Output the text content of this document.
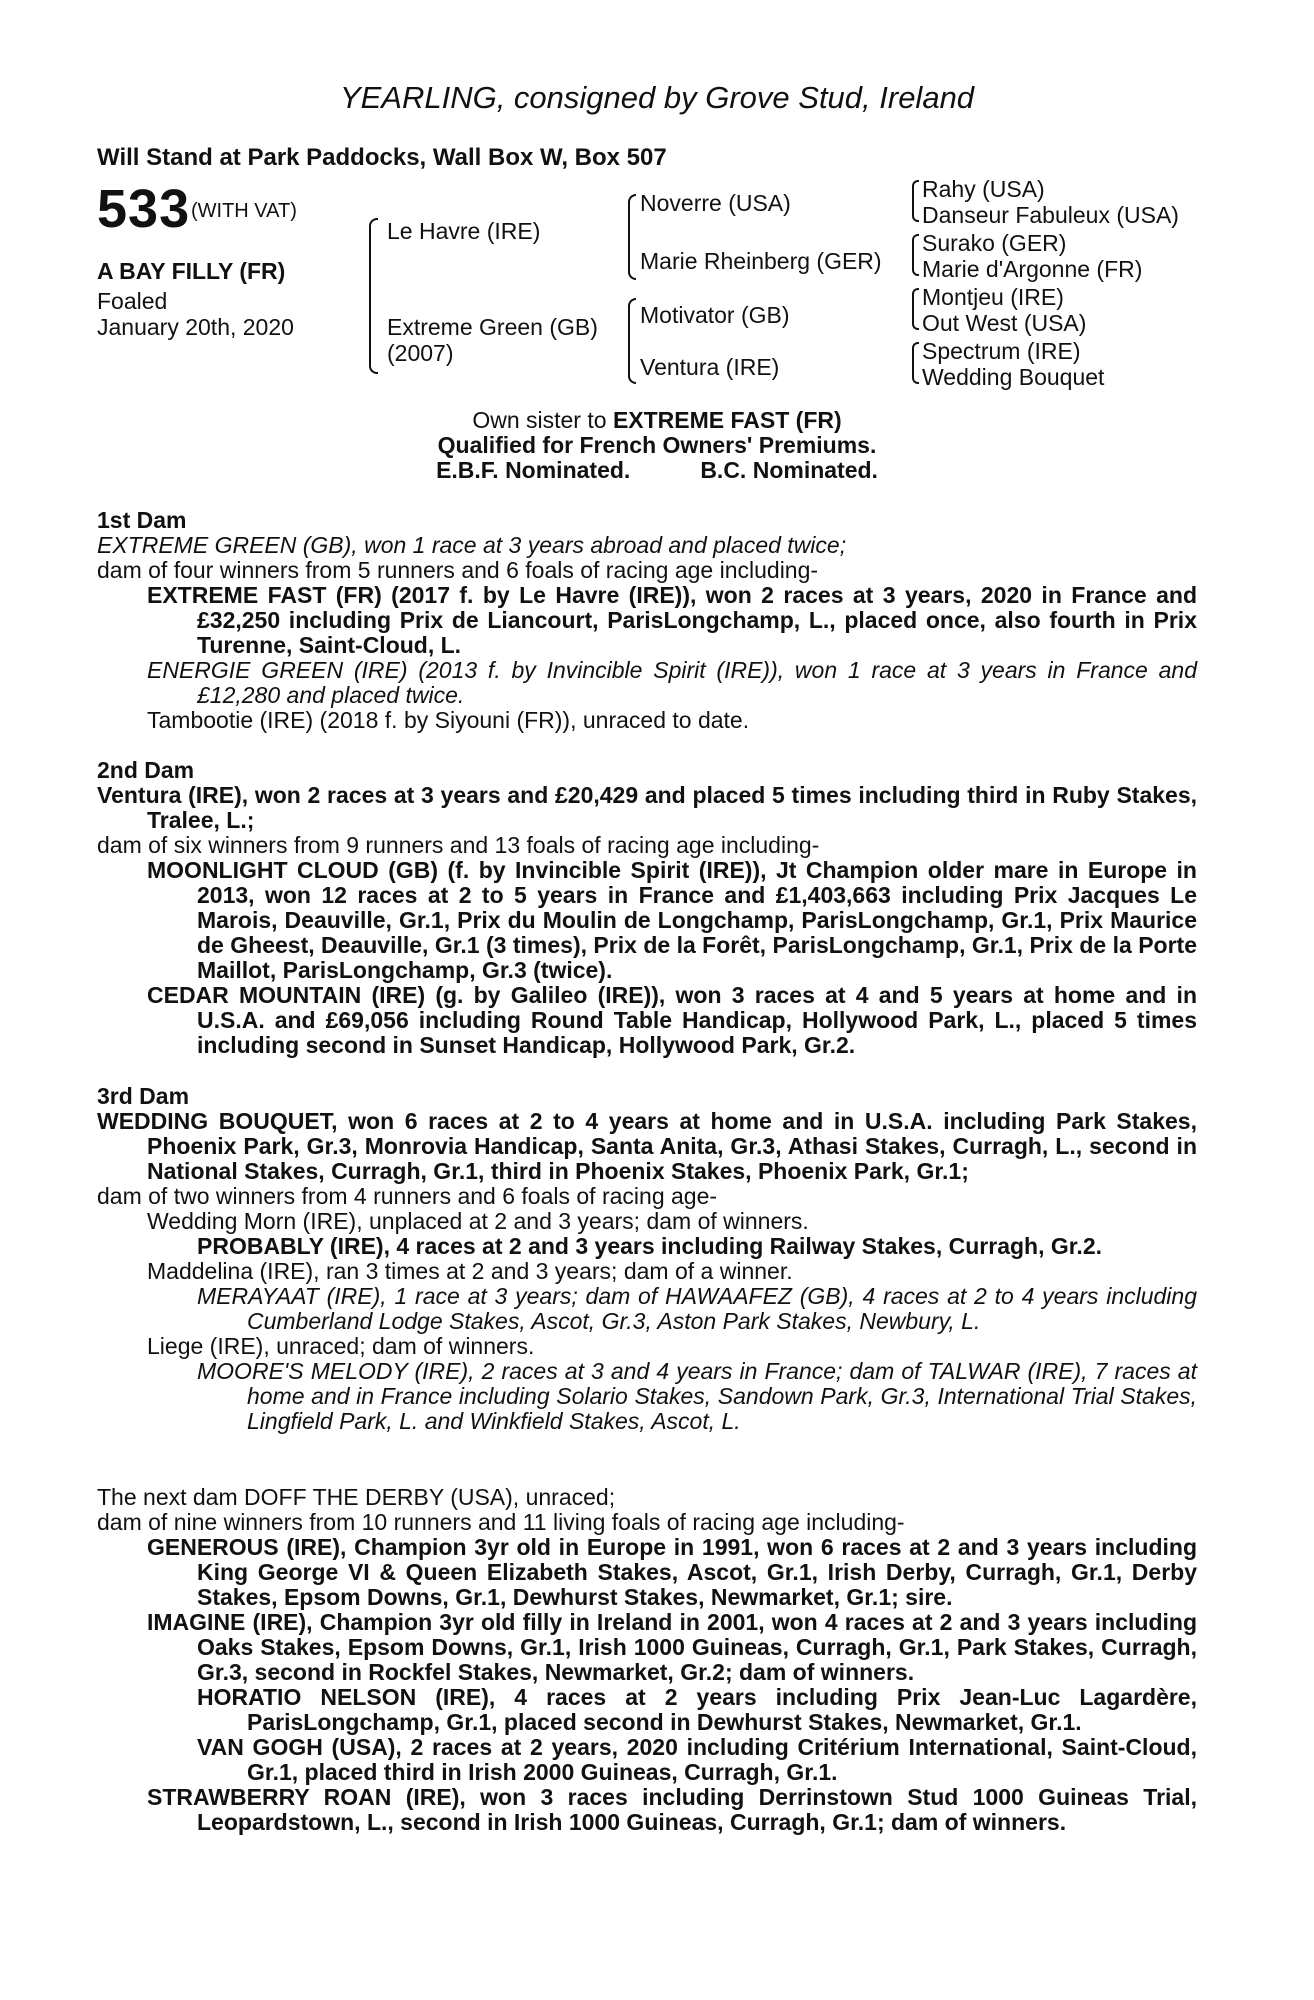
YEARLING, consigned by Grove Stud, Ireland
Will Stand at Park Paddocks, Wall Box W, Box 507
533 (WITH VAT)
A BAY FILLY (FR)
Foaled
January 20th, 2020
Le Havre (IRE)
Extreme Green (GB)
(2007)
Noverre (USA)
Marie Rheinberg (GER)
Motivator (GB)
Ventura (IRE)
Rahy (USA)
Danseur Fabuleux (USA)
Surako (GER)
Marie d'Argonne (FR)
Montjeu (IRE)
Out West (USA)
Spectrum (IRE)
Wedding Bouquet
Own sister to EXTREME FAST (FR)
Qualified for French Owners' Premiums.
E.B.F. Nominated.	B.C. Nominated.

1st Dam

EXTREME GREEN (GB), won 1 race at 3 years abroad and placed twice;

dam of four winners from 5 runners and 6 foals of racing age including-

EXTREME FAST (FR) (2017 f. by Le Havre (IRE)), won 2 races at 3 years, 2020 in France and £32,250 including Prix de Liancourt, ParisLongchamp, L., placed once, also fourth in Prix Turenne, Saint-Cloud, L.

ENERGIE GREEN (IRE) (2013 f. by Invincible Spirit (IRE)), won 1 race at 3 years in France and £12,280 and placed twice.

Tambootie (IRE) (2018 f. by Siyouni (FR)), unraced to date.

2nd Dam

Ventura (IRE), won 2 races at 3 years and £20,429 and placed 5 times including third in Ruby Stakes, Tralee, L.;

dam of six winners from 9 runners and 13 foals of racing age including-

MOONLIGHT CLOUD (GB) (f. by Invincible Spirit (IRE)), Jt Champion older mare in Europe in 2013, won 12 races at 2 to 5 years in France and £1,403,663 including Prix Jacques Le Marois, Deauville, Gr.1, Prix du Moulin de Longchamp, ParisLongchamp, Gr.1, Prix Maurice de Gheest, Deauville, Gr.1 (3 times), Prix de la Forêt, ParisLongchamp, Gr.1, Prix de la Porte Maillot, ParisLongchamp, Gr.3 (twice).

CEDAR MOUNTAIN (IRE) (g. by Galileo (IRE)), won 3 races at 4 and 5 years at home and in U.S.A. and £69,056 including Round Table Handicap, Hollywood Park, L., placed 5 times including second in Sunset Handicap, Hollywood Park, Gr.2.

3rd Dam

WEDDING BOUQUET, won 6 races at 2 to 4 years at home and in U.S.A. including Park Stakes, Phoenix Park, Gr.3, Monrovia Handicap, Santa Anita, Gr.3, Athasi Stakes, Curragh, L., second in National Stakes, Curragh, Gr.1, third in Phoenix Stakes, Phoenix Park, Gr.1;

dam of two winners from 4 runners and 6 foals of racing age-

Wedding Morn (IRE), unplaced at 2 and 3 years; dam of winners.

PROBABLY (IRE), 4 races at 2 and 3 years including Railway Stakes, Curragh, Gr.2.

Maddelina (IRE), ran 3 times at 2 and 3 years; dam of a winner.

MERAYAAT (IRE), 1 race at 3 years; dam of HAWAAFEZ (GB), 4 races at 2 to 4 years including Cumberland Lodge Stakes, Ascot, Gr.3, Aston Park Stakes, Newbury, L.

Liege (IRE), unraced; dam of winners.

MOORE'S MELODY (IRE), 2 races at 3 and 4 years in France; dam of TALWAR (IRE), 7 races at home and in France including Solario Stakes, Sandown Park, Gr.3, International Trial Stakes, Lingfield Park, L. and Winkfield Stakes, Ascot, L.

The next dam DOFF THE DERBY (USA), unraced;

dam of nine winners from 10 runners and 11 living foals of racing age including-

GENEROUS (IRE), Champion 3yr old in Europe in 1991, won 6 races at 2 and 3 years including King George VI & Queen Elizabeth Stakes, Ascot, Gr.1, Irish Derby, Curragh, Gr.1, Derby Stakes, Epsom Downs, Gr.1, Dewhurst Stakes, Newmarket, Gr.1; sire.

IMAGINE (IRE), Champion 3yr old filly in Ireland in 2001, won 4 races at 2 and 3 years including Oaks Stakes, Epsom Downs, Gr.1, Irish 1000 Guineas, Curragh, Gr.1, Park Stakes, Curragh, Gr.3, second in Rockfel Stakes, Newmarket, Gr.2; dam of winners.

HORATIO NELSON (IRE), 4 races at 2 years including Prix Jean-Luc Lagardère, ParisLongchamp, Gr.1, placed second in Dewhurst Stakes, Newmarket, Gr.1.

VAN GOGH (USA), 2 races at 2 years, 2020 including Critérium International, Saint-Cloud, Gr.1, placed third in Irish 2000 Guineas, Curragh, Gr.1.

STRAWBERRY ROAN (IRE), won 3 races including Derrinstown Stud 1000 Guineas Trial, Leopardstown, L., second in Irish 1000 Guineas, Curragh, Gr.1; dam of winners.
